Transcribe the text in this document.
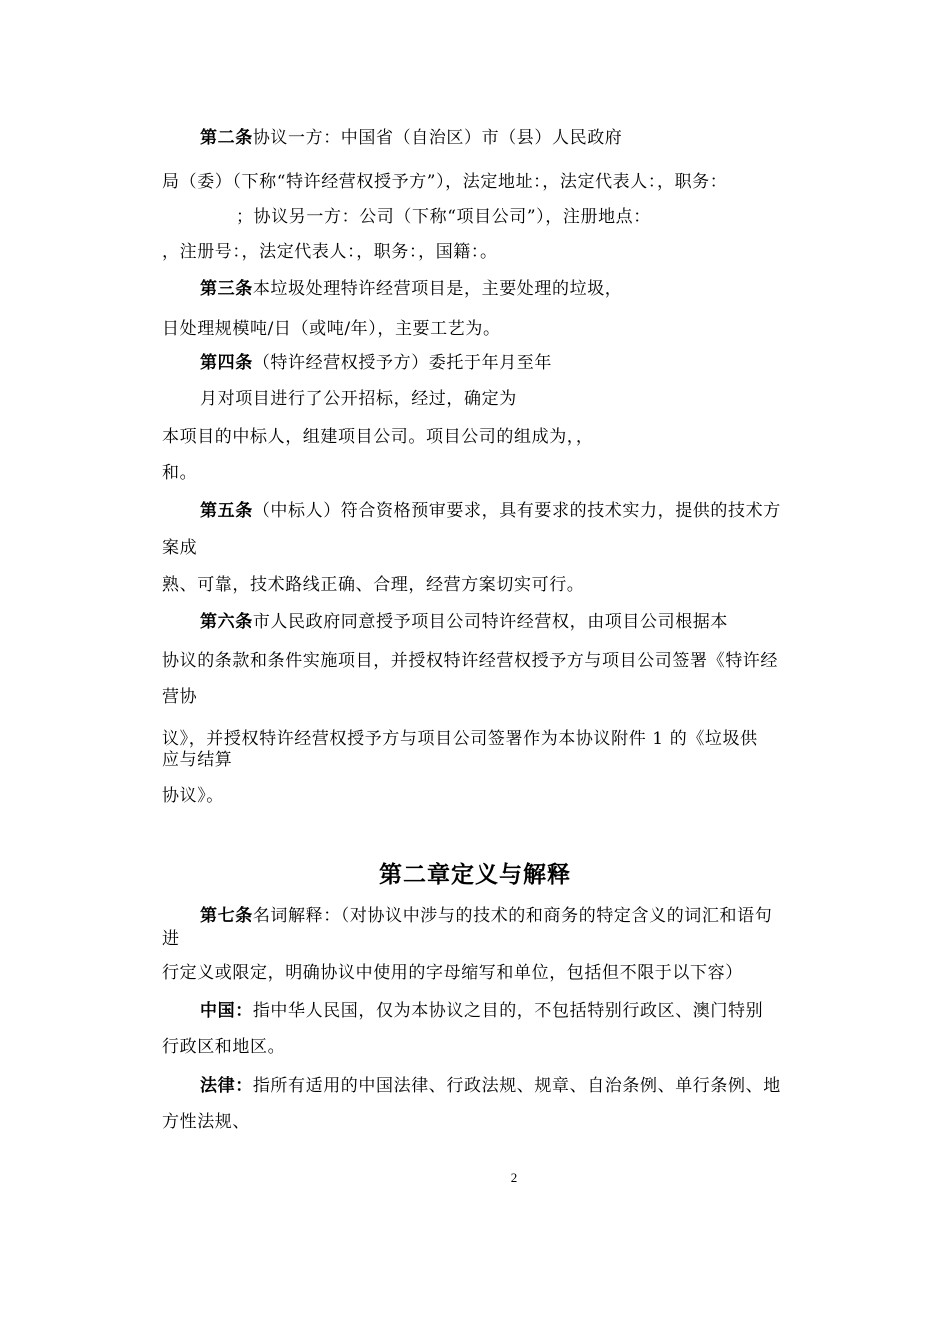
第二条协议一方：中国省（自治区）市（县）人民政府
局（委）（下称“特许经营权授予方”），法定地址：，法定代表人：，职务：
；协议另一方：公司（下称“项目公司”），注册地点：
，注册号：，法定代表人：，职务：，国籍：。
第三条本垃圾处理特许经营项目是，主要处理的垃圾，
日处理规模吨/日（或吨/年），主要工艺为。
第四条（特许经营权授予方）委托于年月至年
月对项目进行了公开招标，经过，确定为
本项目的中标人，组建项目公司。项目公司的组成为，，
和。
第五条（中标人）符合资格预审要求，具有要求的技术实力，提供的技术方
案成
熟、可靠，技术路线正确、合理，经营方案切实可行。
第六条市人民政府同意授予项目公司特许经营权，由项目公司根据本
协议的条款和条件实施项目，并授权特许经营权授予方与项目公司签署《特许经
营协
议》，并授权特许经营权授予方与项目公司签署作为本协议附件 1 的《垃圾供
应与结算
协议》。
第二章定义与解释
第七条名词解释：（对协议中涉与的技术的和商务的特定含义的词汇和语句
进
行定义或限定，明确协议中使用的字母缩写和单位，包括但不限于以下容）
中国：指中华人民国，仅为本协议之目的，不包括特别行政区、澳门特别
行政区和地区。
法律：指所有适用的中国法律、行政法规、规章、自治条例、单行条例、地
方性法规、
2
